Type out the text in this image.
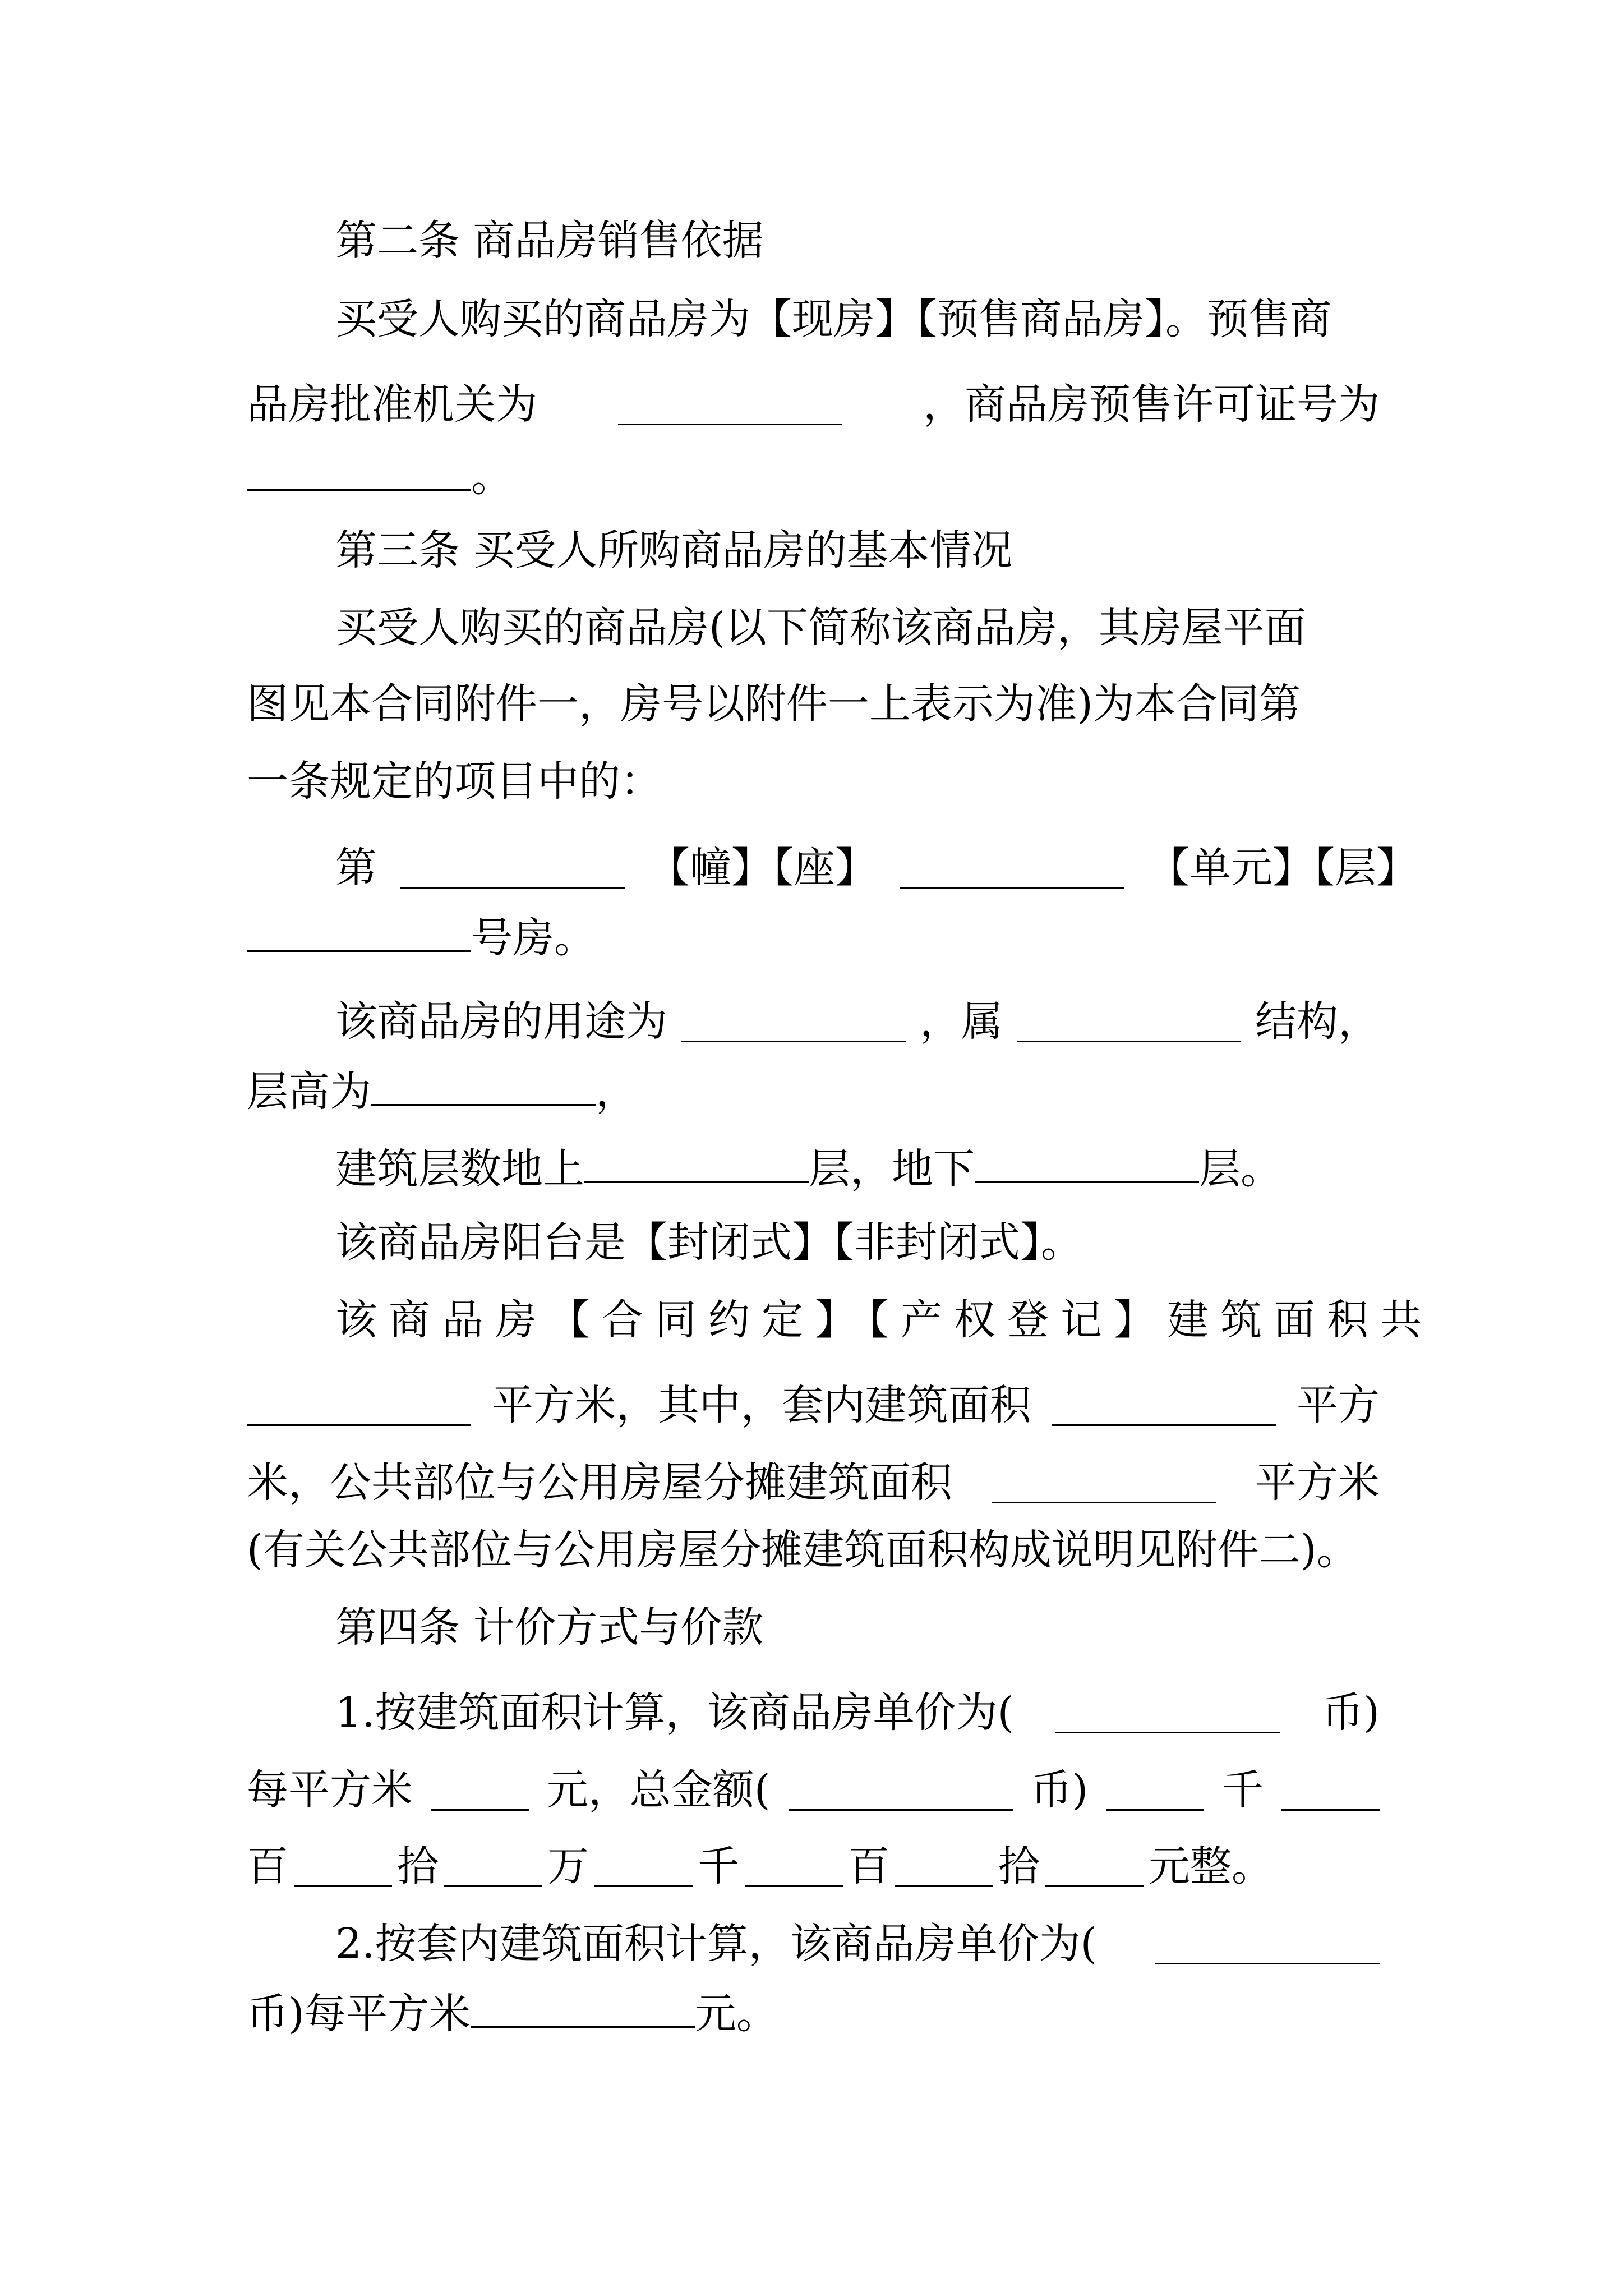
第二条 商品房销售依据
买受人购买的商品房为【现房】【预售商品房】。预售商
品房批准机关为	，商品房预售许可证号为
。
第三条 买受人所购商品房的基本情况
买受人购买的商品房(以下简称该商品房，其房屋平面
图见本合同附件一，房号以附件一上表示为准)为本合同第
一条规定的项目中的：
第	【幢】【座】	【单元】【层】
号房。
该商品房的用途为	，属	结构，
层高为	，
建筑层数地上	层，地下	层。
该商品房阳台是【封闭式】【非封闭式】。
该商品房【合同约定】【产权登记】建筑面积共
平方米，其中，套内建筑面积	平方
米，公共部位与公用房屋分摊建筑面积	平方米
(有关公共部位与公用房屋分摊建筑面积构成说明见附件二)。
第四条 计价方式与价款
1.按建筑面积计算，该商品房单价为(	币)
每平方米	元，总金额(	币)	千
百	拾	万	千	百	拾	元整。
2.按套内建筑面积计算，该商品房单价为(
币)每平方米	元。
